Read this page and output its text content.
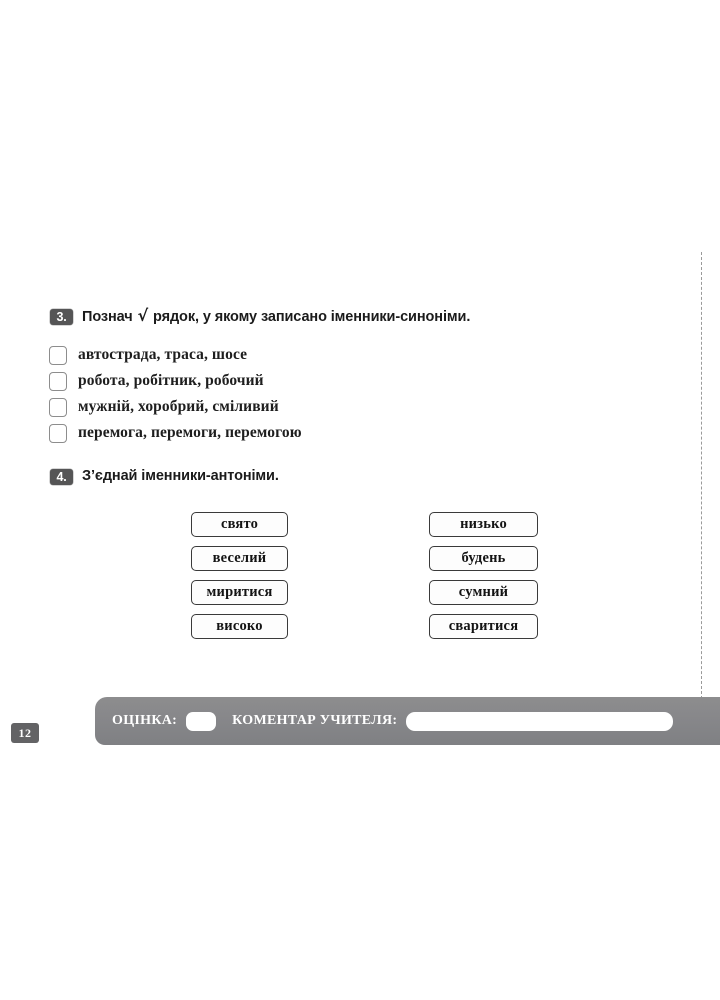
3.	Познач √ рядок, у якому записано іменники-синоніми.
автострада, траса, шосе
робота, робітник, робочий
мужній, хоробрий, сміливий
перемога, перемоги, перемогою
4.	З’єднай іменники-антоніми.
свято
веселий
миритися
високо
низько
будень
сумний
сваритися
ОЦІНКА:	КОМЕНТАР УЧИТЕЛЯ:
12
